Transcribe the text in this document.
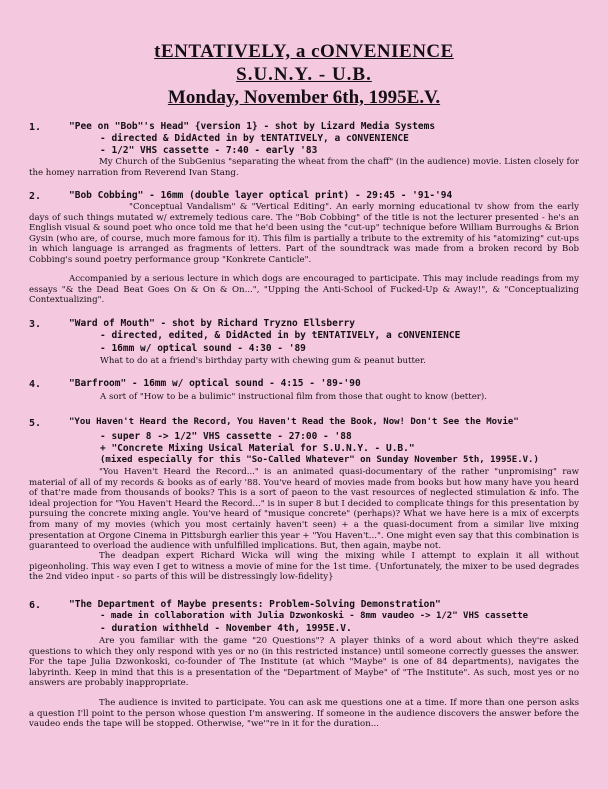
tENTATIVELY, a cONVENIENCE
S.U.N.Y. - U.B.
Monday, November 6th, 1995E.V.
1.	"Pee on "Bob"'s Head" {version 1} - shot by Lizard Media Systems
- directed & DidActed in by tENTATIVELY, a cONVENIENCE
- 1/2" VHS cassette - 7:40 - early '83

My Church of the SubGenius "separating the wheat from the chaff" (in the audience) movie. Listen closely for the homey narration from Reverend Ivan Stang.

2.	"Bob Cobbing" - 16mm (double layer optical print) - 29:45 - '91-'94

"Conceptual Vandalism" & "Vertical Editing". An early morning educational tv show from the early days of such things mutated w/ extremely tedious care. The "Bob Cobbing" of the title is not the lecturer presented - he's an English visual & sound poet who once told me that he'd been using the "cut-up" technique before William Burroughs & Brion Gysin (who are, of course, much more famous for it). This film is partially a tribute to the extremity of his "atomizing" cut-ups in which language is arranged as fragments of letters. Part of the soundtrack was made from a broken record by Bob Cobbing's sound poetry performance group "Konkrete Canticle".

Accompanied by a serious lecture in which dogs are encouraged to participate. This may include readings from my essays "& the Dead Beat Goes On & On & On...", "Upping the Anti-School of Fucked-Up & Away!", & "Conceptualizing Contextualizing".

3.	"Ward of Mouth" - shot by Richard Tryzno Ellsberry
- directed, edited, & DidActed in by tENTATIVELY, a cONVENIENCE
- 16mm w/ optical sound - 4:30 - '89
What to do at a friend's birthday party with chewing gum & peanut butter.
4.	"Barfroom" - 16mm w/ optical sound - 4:15 - '89-'90
A sort of "How to be a bulimic" instructional film from those that ought to know (better).
5.	"You Haven't Heard the Record, You Haven't Read the Book, Now! Don't See the Movie"
- super 8 -> 1/2" VHS cassette - 27:00 - '88
+ "Concrete Mixing Usical Material for S.U.N.Y. - U.B."
(mixed especially for this "So-Called Whatever" on Sunday November 5th, 1995E.V.)

"You Haven't Heard the Record..." is an animated quasi-documentary of the rather "unpromising" raw material of all of my records & books as of early '88. You've heard of movies made from books but how many have you heard of that're made from thousands of books? This is a sort of paeon to the vast resources of neglected stimulation & info. The ideal projection for "You Haven't Heard the Record..." is in super 8 but I decided to complicate things for this presentation by pursuing the concrete mixing angle. You've heard of "musique concrete" (perhaps)? What we have here is a mix of excerpts from many of my movies (which you most certainly haven't seen) + a the quasi-document from a similar live mixing presentation at Orgone Cinema in Pittsburgh earlier this year + "You Haven't...". One might even say that this combination is guaranteed to overload the audience with unfulfilled implications. But, then again, maybe not.

The deadpan expert Richard Wicka will wing the mixing while I attempt to explain it all without pigeonholing. This way even I get to witness a movie of mine for the 1st time. {Unfortunately, the mixer to be used degrades the 2nd video input - so parts of this will be distressingly low-fidelity}

6.	"The Department of Maybe presents: Problem-Solving Demonstration"
- made in collaboration with Julia Dzwonkoski - 8mm vaudeo -> 1/2" VHS cassette
- duration withheld - November 4th, 1995E.V.

Are you familiar with the game "20 Questions"? A player thinks of a word about which they're asked questions to which they only respond with yes or no (in this restricted instance) until someone correctly guesses the answer. For the tape Julia Dzwonkoski, co-founder of The Institute (at which "Maybe" is one of 84 departments), navigates the labyrinth. Keep in mind that this is a presentation of the "Department of Maybe" of "The Institute". As such, most yes or no answers are probably inappropriate.

The audience is invited to participate. You can ask me questions one at a time. If more than one person asks a question I'll point to the person whose question I'm answering. If someone in the audience discovers the answer before the vaudeo ends the tape will be stopped. Otherwise, "we'"re in it for the duration...
